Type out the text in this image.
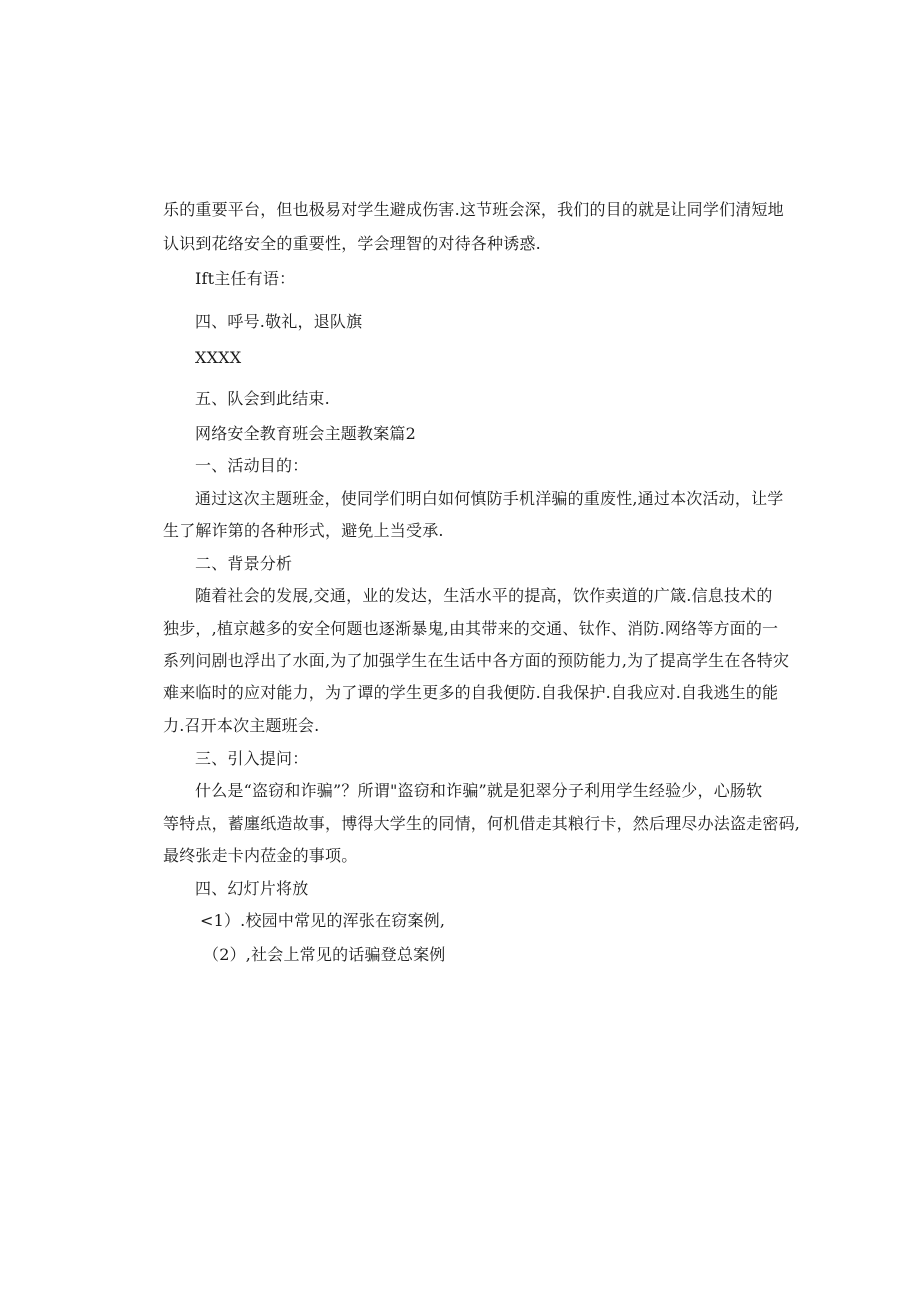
乐的重要平台，但也极易对学生避成伤害.这节班会深，我们的目的就是让同学们清短地
认识到花络安全的重要性，学会理智的对待各种诱惑.
Ift主任有语：
四、呼号.敬礼，退队旗
XXXX
五、队会到此结束.
网络安全教育班会主题教案篇2
一、活动目的：
通过这次主题班金，使同学们明白如何慎防手机洋骗的重废性,通过本次活动，让学
生了解诈第的各种形式，避免上当受承.
二、背景分析
随着社会的发展,交通，业的发达，生活水平的提高，饮作卖道的广箴.信息技术的
独步，,植京越多的安全何题也逐渐暴鬼,由其带来的交通、钛作、消防.网络等方面的一
系列问剧也浮出了水面,为了加强学生在生话中各方面的预防能力,为了提高学生在各特灾
难来临时的应对能力，为了谭的学生更多的自我便防.自我保护.自我应对.自我逃生的能
力.召开本次主题班会.
三、引入提问：
什么是“盗窃和诈骗”？所谓"盗窃和诈骗”就是犯翠分子利用学生经验少，心肠软
等特点，蓄廛纸造故事，博得大学生的同情，何机借走其粮行卡，然后理尽办法盗走密码,
最终张走卡内莅金的事项。
四、幻灯片将放
<1）.校园中常见的浑张在窃案例,
（2）,社会上常见的话骗登总案例
